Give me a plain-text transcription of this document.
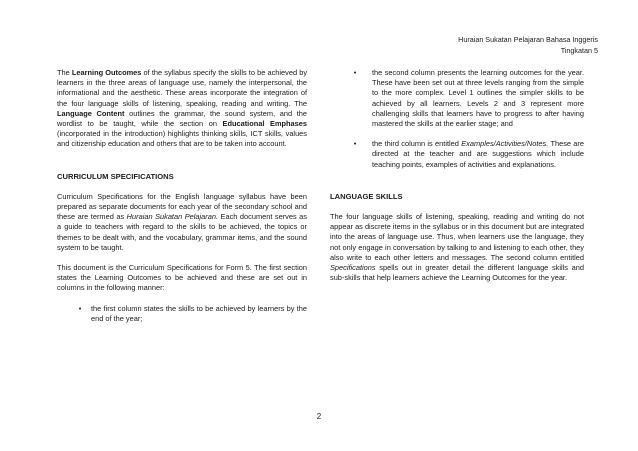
Huraian Sukatan Pelajaran Bahasa Inggeris
Tingkatan 5

The Learning Outcomes of the syllabus specify the skills to be achieved by learners in the three areas of language use, namely the interpersonal, the informational and the aesthetic. These areas incorporate the integration of the four language skills of listening, speaking, reading and writing. The Language Content outlines the grammar, the sound system, and the wordlist to be taught, while the section on Educational Emphases (incorporated in the introduction) highlights thinking skills, ICT skills, values and citizenship education and others that are to be taken into account.

CURRICULUM SPECIFICATIONS

Curriculum Specifications for the English language syllabus have been prepared as separate documents for each year of the secondary school and these are termed as Huraian Sukatan Pelajaran. Each document serves as a guide to teachers with regard to the skills to be achieved, the topics or themes to be dealt with, and the vocabulary, grammar items, and the sound system to be taught.

This document is the Curriculum Specifications for Form 5. The first section states the Learning Outcomes to be achieved and these are set out in columns in the following manner:

•	the first column states the skills to be achieved by learners by the end of the year;
•	the second column presents the learning outcomes for the year. These have been set out at three levels ranging from the simple to the more complex. Level 1 outlines the simpler skills to be achieved by all learners. Levels 2 and 3 represent more challenging skills that learners have to progress to after having mastered the skills at the earlier stage; and
•	the third column is entitled Examples/Activities/Notes. These are directed at the teacher and are suggestions which include teaching points, examples of activities and explanations.
LANGUAGE SKILLS

The four language skills of listening, speaking, reading and writing do not appear as discrete items in the syllabus or in this document but are integrated into the areas of language use. Thus, when learners use the language, they not only engage in conversation by talking to and listening to each other, they also write to each other letters and messages. The second column entitled Specifications spells out in greater detail the different language skills and sub-skills that help learners achieve the Learning Outcomes for the year.

2
